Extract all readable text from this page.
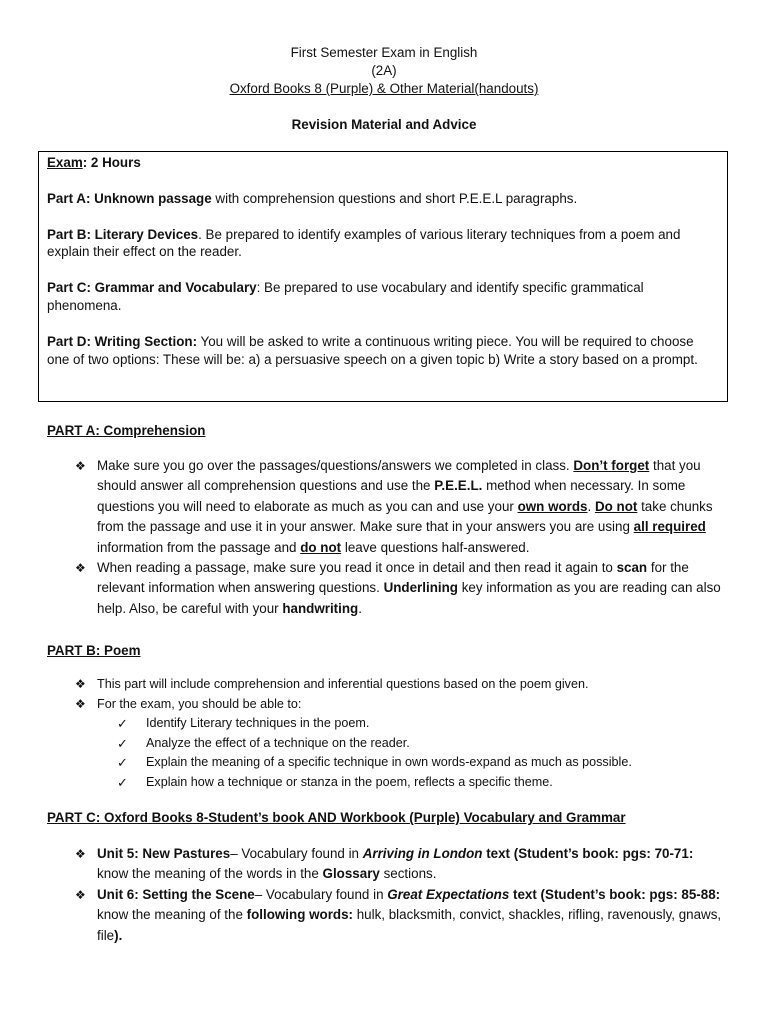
First Semester Exam in English
(2A)
Oxford Books 8 (Purple) & Other Material(handouts)
Revision Material and Advice

Exam: 2 Hours

Part A: Unknown passage with comprehension questions and short P.E.E.L paragraphs.

Part B: Literary Devices. Be prepared to identify examples of various literary techniques from a poem and explain their effect on the reader.

Part C: Grammar and Vocabulary: Be prepared to use vocabulary and identify specific grammatical phenomena.

Part D: Writing Section: You will be asked to write a continuous writing piece. You will be required to choose one of two options: These will be: a) a persuasive speech on a given topic b) Write a story based on a prompt.

PART A: Comprehension

❖ Make sure you go over the passages/questions/answers we completed in class. Don’t forget that you should answer all comprehension questions and use the P.E.E.L. method when necessary. In some questions you will need to elaborate as much as you can and use your own words. Do not take chunks from the passage and use it in your answer. Make sure that in your answers you are using all required information from the passage and do not leave questions half-answered.
❖ When reading a passage, make sure you read it once in detail and then read it again to scan for the relevant information when answering questions. Underlining key information as you are reading can also help. Also, be careful with your handwriting.

PART B: Poem

❖ This part will include comprehension and inferential questions based on the poem given.
❖ For the exam, you should be able to:
✓ Identify Literary techniques in the poem.
✓ Analyze the effect of a technique on the reader.
✓ Explain the meaning of a specific technique in own words-expand as much as possible.
✓ Explain how a technique or stanza in the poem, reflects a specific theme.

PART C: Oxford Books 8-Student’s book AND Workbook (Purple) Vocabulary and Grammar

❖ Unit 5: New Pastures– Vocabulary found in Arriving in London text (Student’s book: pgs: 70-71: know the meaning of the words in the Glossary sections.
❖ Unit 6: Setting the Scene– Vocabulary found in Great Expectations text (Student’s book: pgs: 85-88: know the meaning of the following words: hulk, blacksmith, convict, shackles, rifling, ravenously, gnaws, file).
